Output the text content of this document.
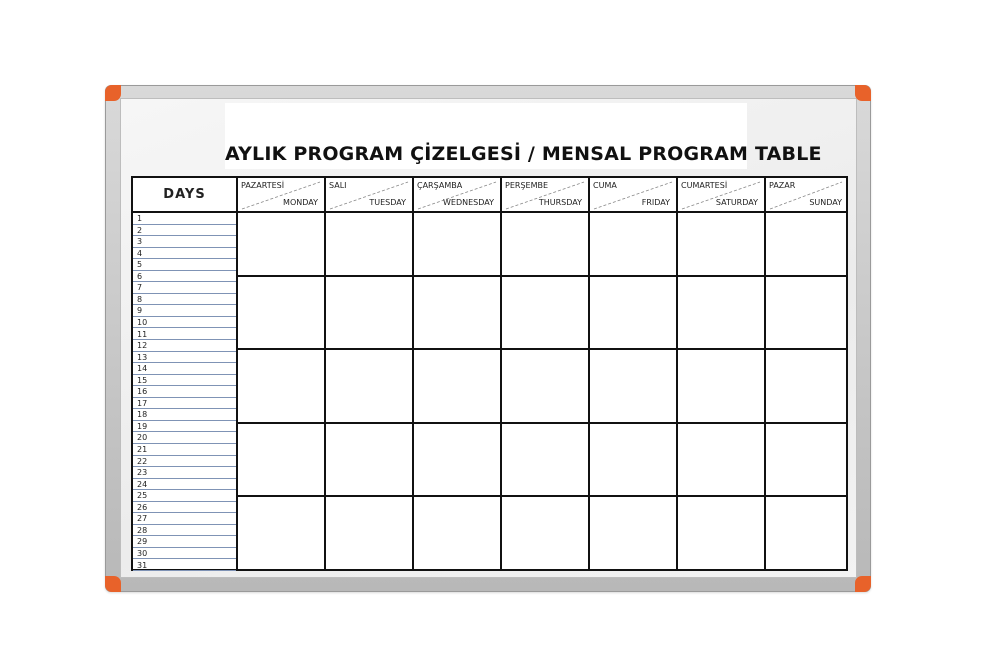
AYLIK PROGRAM ÇİZELGESİ / MENSAL PROGRAM TABLE
DAYS
1
2
3
4
5
6
7
8
9
10
11
12
13
14
15
16
17
18
19
20
21
22
23
24
25
26
27
28
29
30
31
PAZARTESİ
MONDAY
SALI
TUESDAY
ÇARŞAMBA
WEDNESDAY
PERŞEMBE
THURSDAY
CUMA
FRIDAY
CUMARTESİ
SATURDAY
PAZAR
SUNDAY
